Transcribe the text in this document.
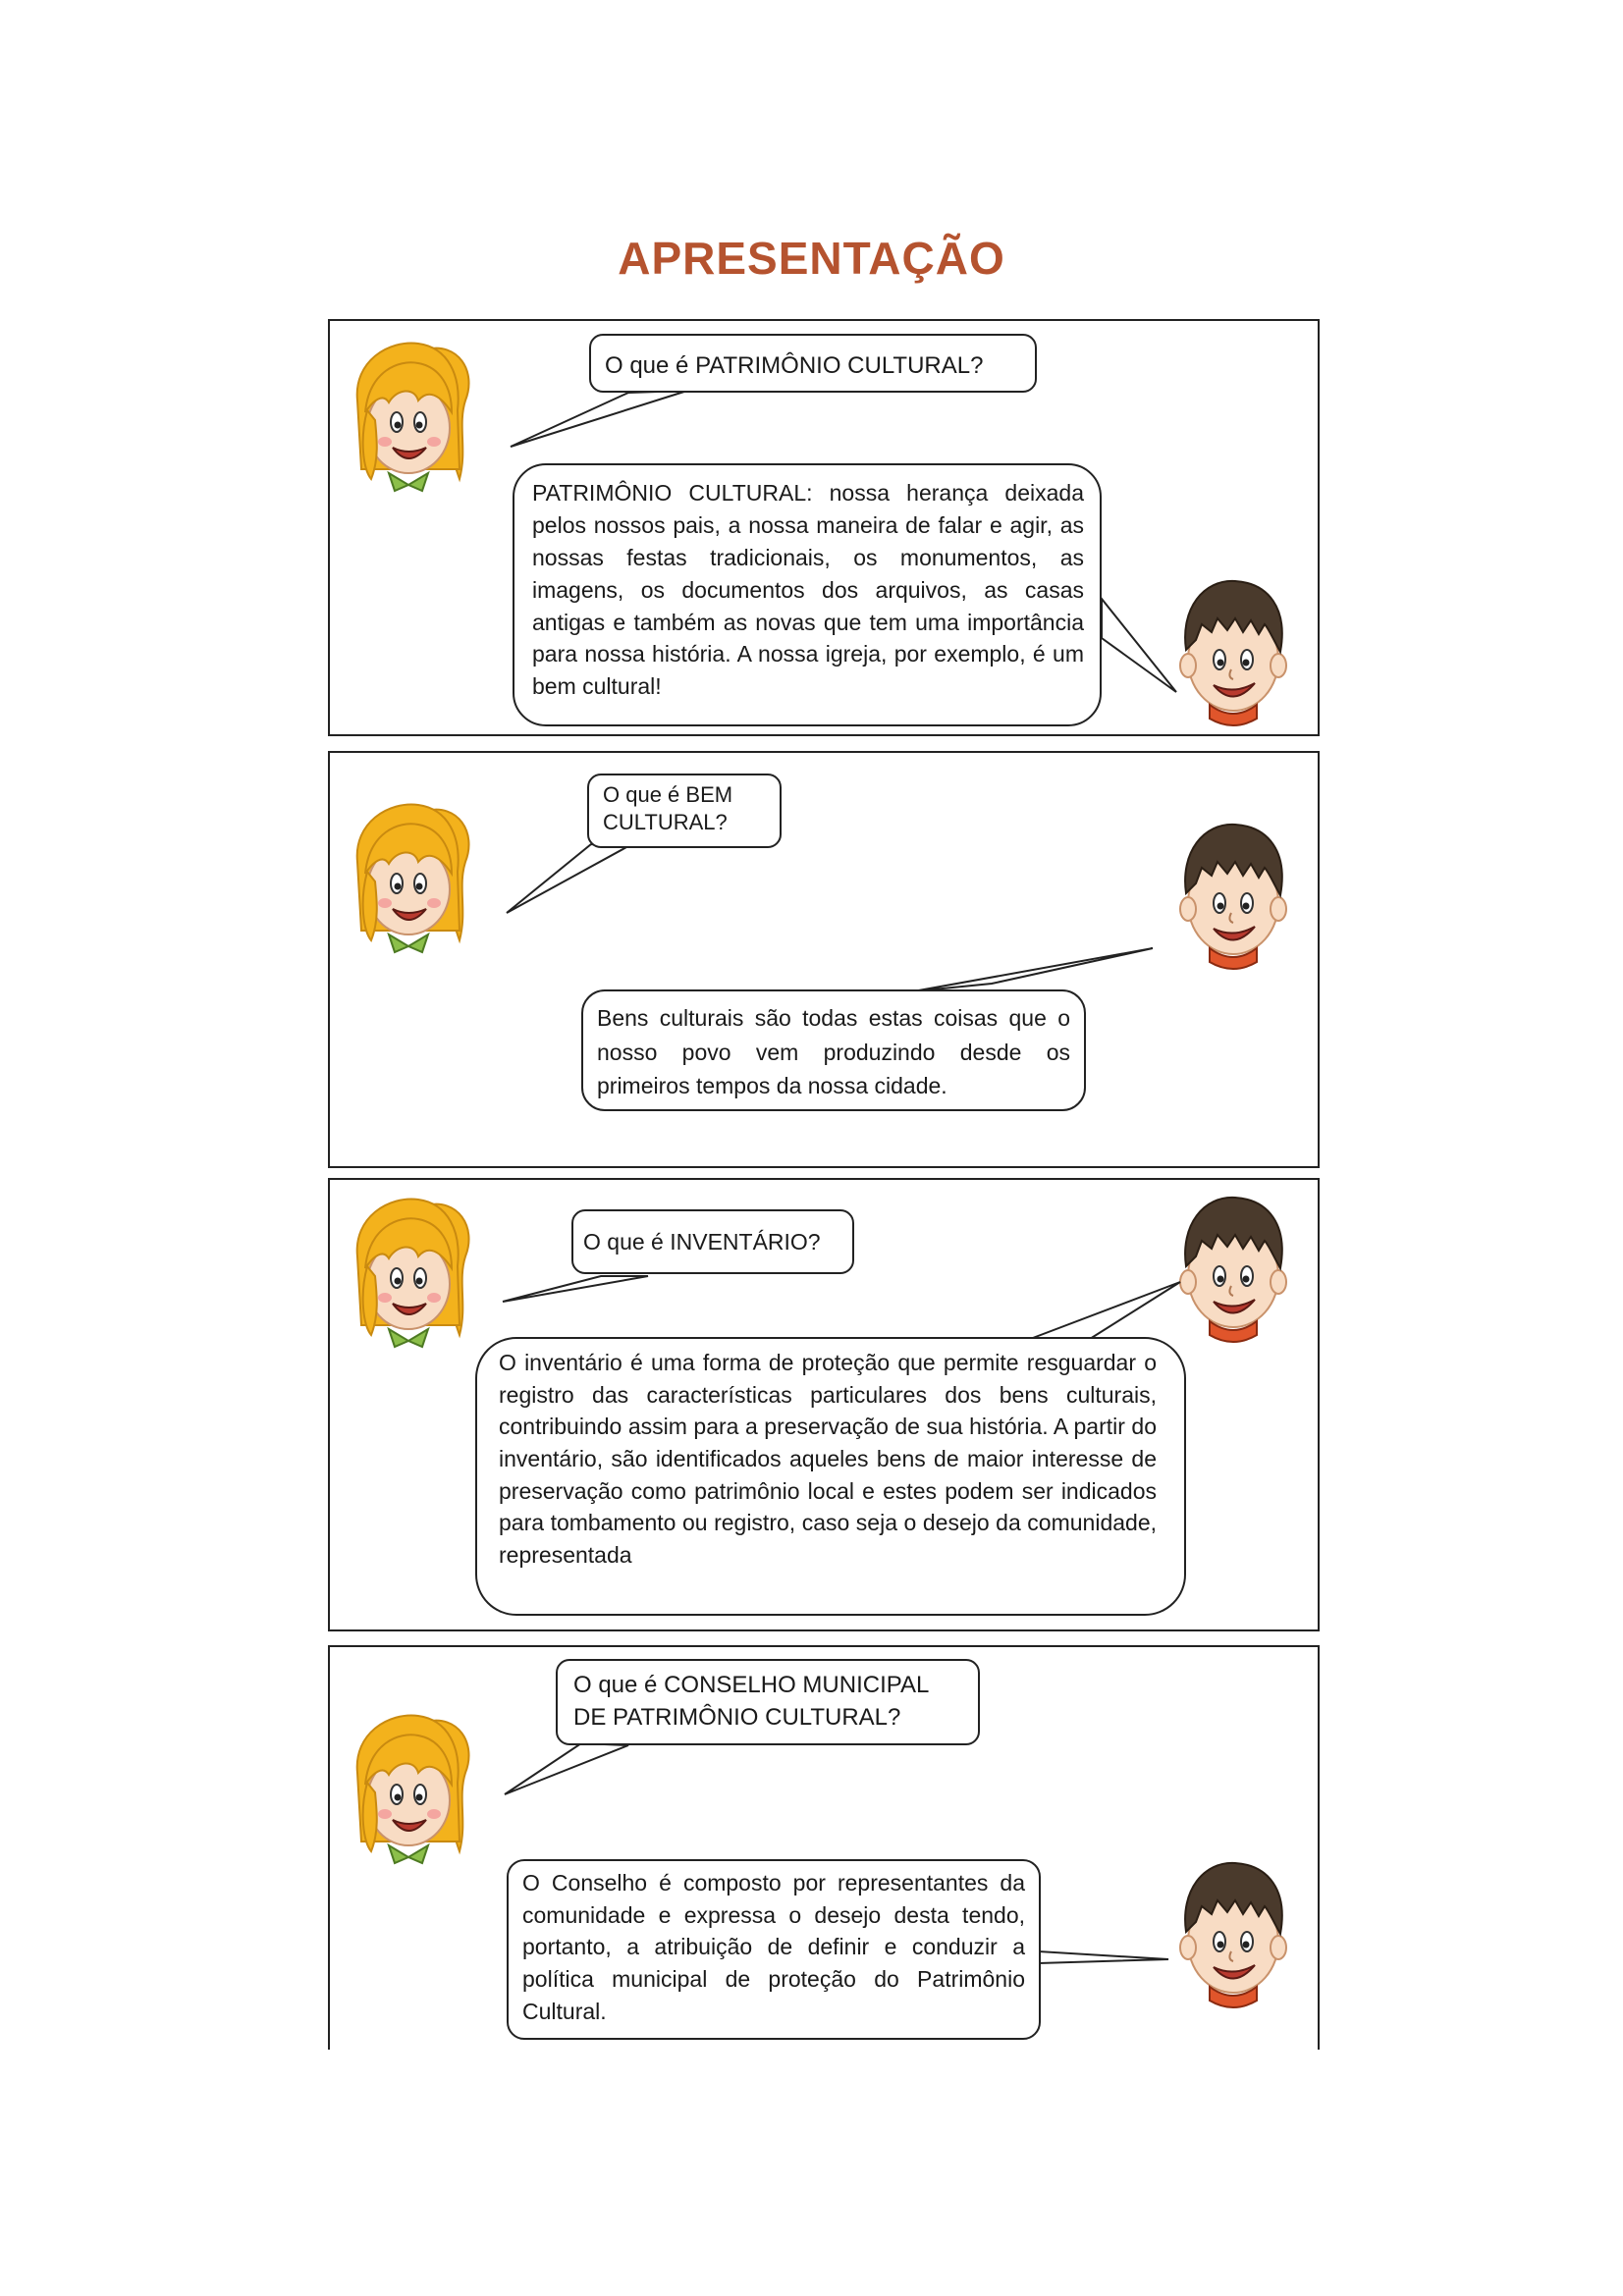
APRESENTAÇÃO

O que é PATRIMÔNIO CULTURAL?

PATRIMÔNIO CULTURAL: nossa herança deixada pelos nossos pais, a nossa maneira de falar e agir, as nossas festas tradicionais, os monumentos, as imagens, os documentos dos arquivos, as casas antigas e também as novas que tem uma importância para nossa história. A nossa igreja, por exemplo, é um bem cultural!

O que é BEM CULTURAL?

Bens culturais são todas estas coisas que o nosso povo vem produzindo desde os primeiros tempos da nossa cidade.

O que é INVENTÁRIO?

O inventário é uma forma de proteção que permite resguardar o registro das características particulares dos bens culturais, contribuindo assim para a preservação de sua história. A partir do inventário, são identificados aqueles bens de maior interesse de preservação como patrimônio local e estes podem ser indicados para tombamento ou registro, caso seja o desejo da comunidade, representada

O que é CONSELHO MUNICIPAL DE PATRIMÔNIO CULTURAL?

O Conselho é composto por representantes da comunidade e expressa o desejo desta tendo, portanto, a atribuição de definir e conduzir a política municipal de proteção do Patrimônio Cultural.
